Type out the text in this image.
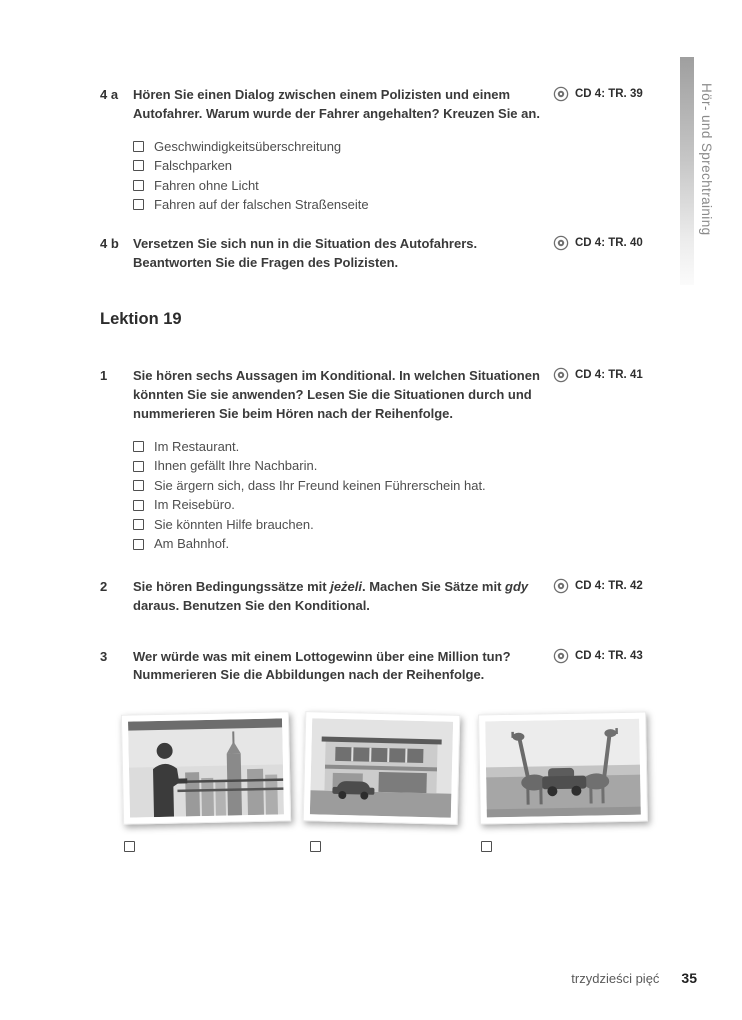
Hör- und Sprechtraining
4 a	Hören Sie einen Dialog zwischen einem Polizisten und einem Autofahrer. Warum wurde der Fahrer angehalten? Kreuzen Sie an.

Geschwindigkeitsüberschreitung
Falschparken
Fahren ohne Licht
Fahren auf der falschen Straßenseite
CD 4: TR. 39
4 b	Versetzen Sie sich nun in die Situation des Autofahrers. Beantworten Sie die Fragen des Polizisten.

CD 4: TR. 40
Lektion 19
1	Sie hören sechs Aussagen im Konditional. In welchen Situationen könnten Sie sie anwenden? Lesen Sie die Situationen durch und nummerieren Sie beim Hören nach der Reihenfolge.

Im Restaurant.
Ihnen gefällt Ihre Nachbarin.
Sie ärgern sich, dass Ihr Freund keinen Führerschein hat.
Im Reisebüro.
Sie könnten Hilfe brauchen.
Am Bahnhof.
CD 4: TR. 41
2	Sie hören Bedingungssätze mit jeżeli. Machen Sie Sätze mit gdy daraus. Benutzen Sie den Konditional.

CD 4: TR. 42
3	Wer würde was mit einem Lottogewinn über eine Million tun? Nummerieren Sie die Abbildungen nach der Reihenfolge.

CD 4: TR. 43
trzydzieści pięć 35
